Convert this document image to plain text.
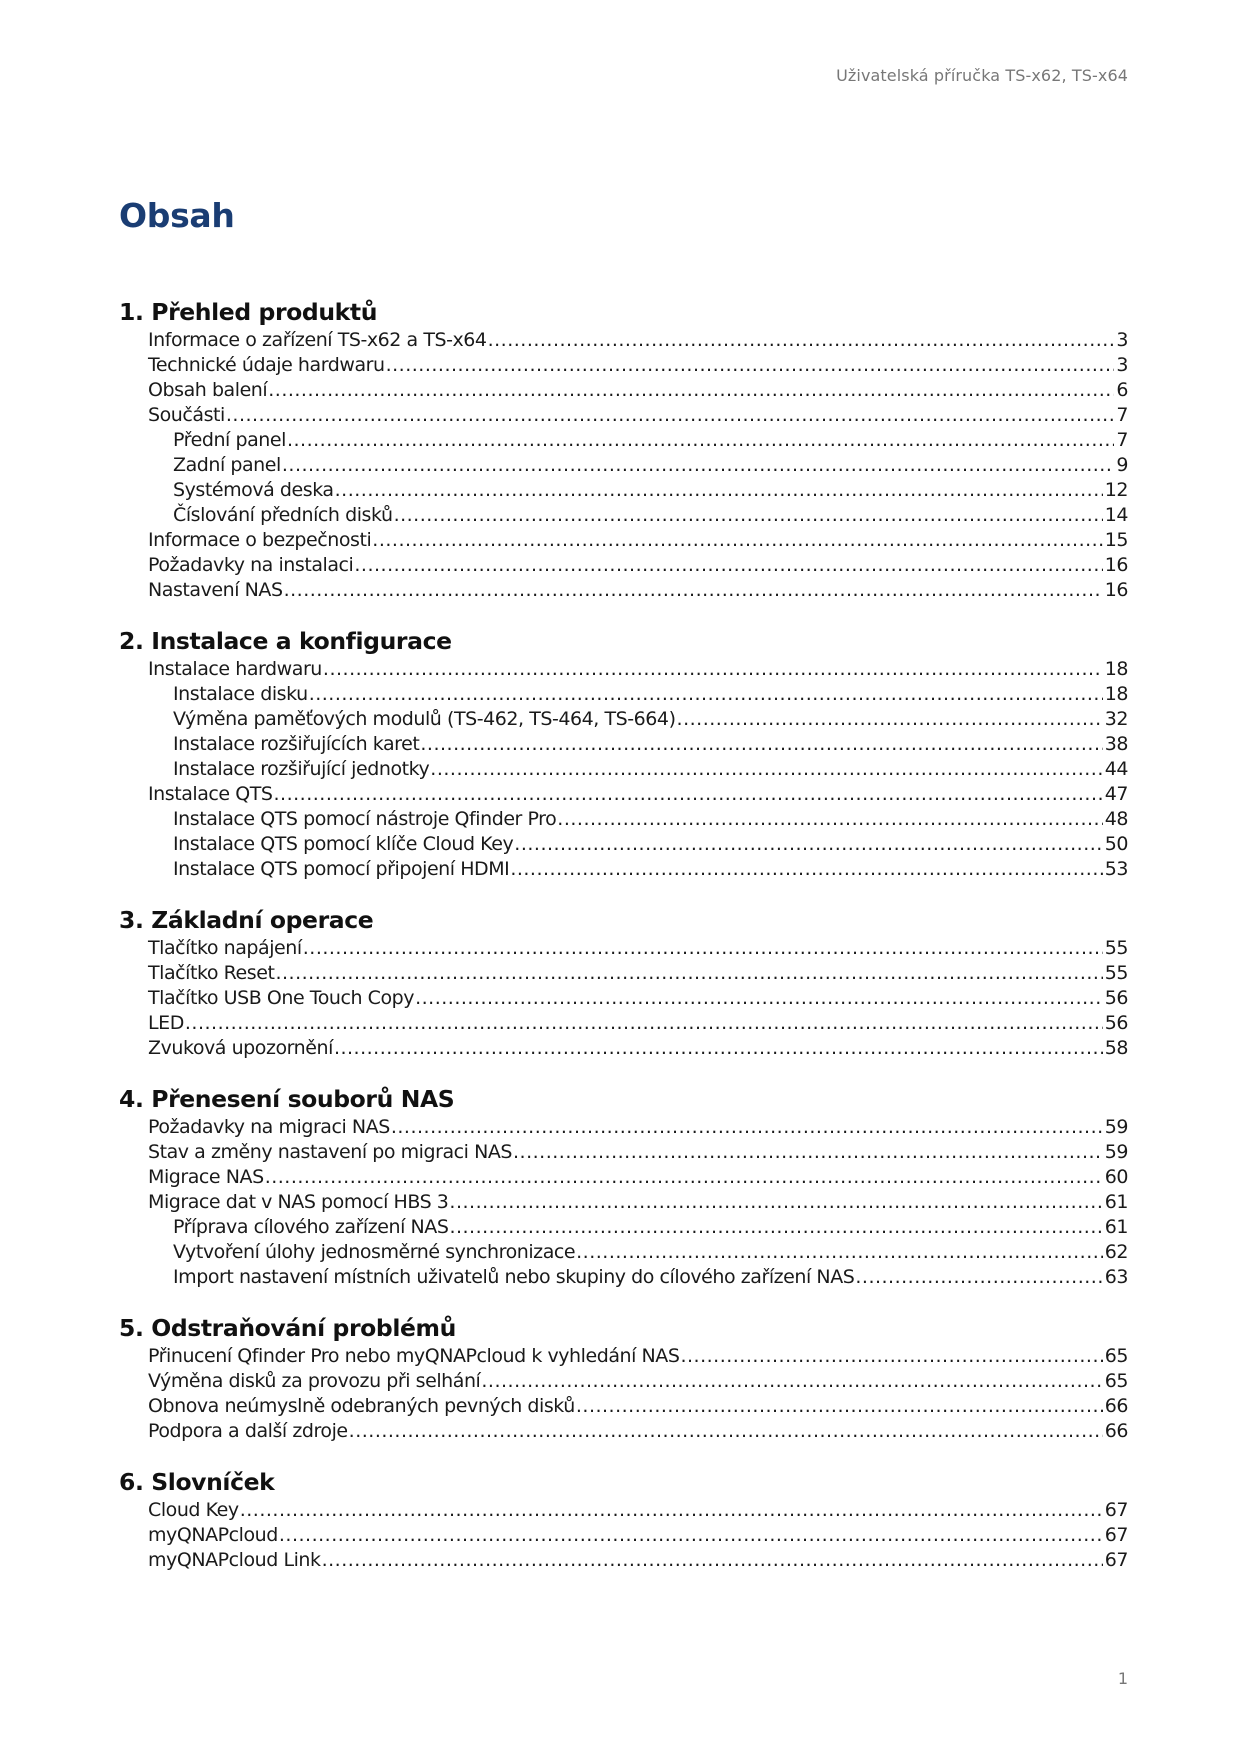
Uživatelská příručka TS-x62, TS-x64
Obsah
1. Přehled produktů
Informace o zařízení TS-x62 a TS-x64 .....	3
Technické údaje hardwaru .....	3
Obsah balení .....	6
Součásti .....	7
Přední panel .....	7
Zadní panel .....	9
Systémová deska .....	12
Číslování předních disků .....	14
Informace o bezpečnosti .....	15
Požadavky na instalaci .....	16
Nastavení NAS .....	16
2. Instalace a konfigurace
Instalace hardwaru .....	18
Instalace disku .....	18
Výměna paměťových modulů (TS-462, TS-464, TS-664) .....	32
Instalace rozšiřujících karet .....	38
Instalace rozšiřující jednotky .....	44
Instalace QTS .....	47
Instalace QTS pomocí nástroje Qfinder Pro .....	48
Instalace QTS pomocí klíče Cloud Key .....	50
Instalace QTS pomocí připojení HDMI .....	53
3. Základní operace
Tlačítko napájení .....	55
Tlačítko Reset .....	55
Tlačítko USB One Touch Copy .....	56
LED .....	56
Zvuková upozornění .....	58
4. Přenesení souborů NAS
Požadavky na migraci NAS .....	59
Stav a změny nastavení po migraci NAS .....	59
Migrace NAS .....	60
Migrace dat v NAS pomocí HBS 3 .....	61
Příprava cílového zařízení NAS .....	61
Vytvoření úlohy jednosměrné synchronizace .....	62
Import nastavení místních uživatelů nebo skupiny do cílového zařízení NAS .....	63
5. Odstraňování problémů
Přinucení Qfinder Pro nebo myQNAPcloud k vyhledání NAS .....	65
Výměna disků za provozu při selhání .....	65
Obnova neúmyslně odebraných pevných disků .....	66
Podpora a další zdroje .....	66
6. Slovníček
Cloud Key .....	67
myQNAPcloud .....	67
myQNAPcloud Link .....	67
1
